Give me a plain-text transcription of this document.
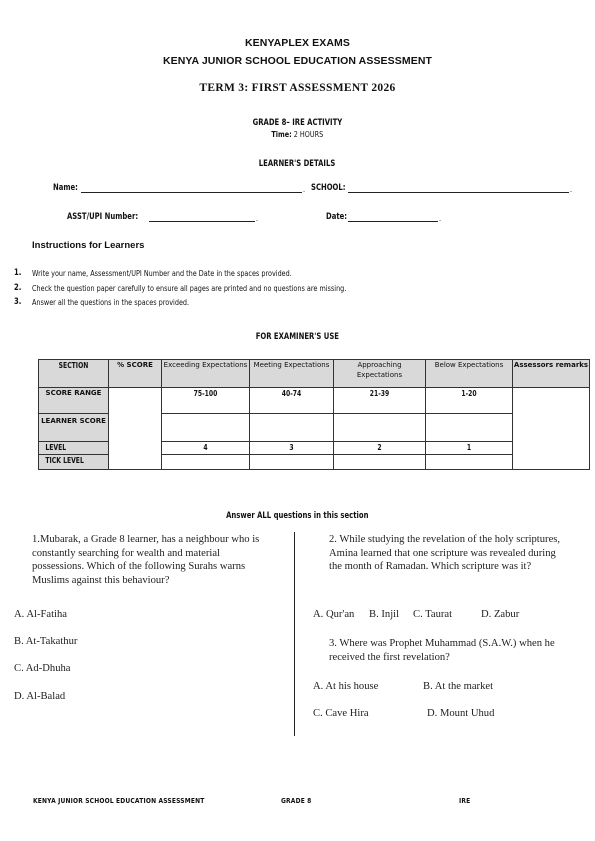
KENYAPLEX EXAMS
KENYA JUNIOR SCHOOL EDUCATION ASSESSMENT
TERM 3: FIRST ASSESSMENT 2026
GRADE 8– IRE ACTIVITY
Time: 2 HOURS
LEARNER'S DETAILS
Name:	. SCHOOL:	.
ASST/UPI Number:	.	Date:	.
Instructions for Learners
1. Write your name, Assessment/UPI Number and the Date in the spaces provided.
2. Check the question paper carefully to ensure all pages are printed and no questions are missing.
3. Answer all the questions in the spaces provided.
FOR EXAMINER'S USE
SECTION	% SCORE	Exceeding Expectations	Meeting Expectations	Approaching Expectations	Below Expectations	Assessors remarks

SCORE RANGE		75-100	40-74	21-39	1-20	

LEARNER SCORE						

LEVEL		4	3	2	1	

TICK LEVEL						

Answer ALL questions in this section
1.Mubarak, a Grade 8 learner, has a neighbour who is constantly searching for wealth and material possessions. Which of the following Surahs warns Muslims against this behaviour?
A. Al-Fatiha
B. At-Takathur
C. Ad-Dhuha
D. Al-Balad
2. While studying the revelation of the holy scriptures, Amina learned that one scripture was revealed during the month of Ramadan. Which scripture was it?
A. Qur'an B. Injil C. Taurat	D. Zabur
3. Where was Prophet Muhammad (S.A.W.) when he received the first revelation?
A. At his house	B. At the market
C. Cave Hira	D. Mount Uhud
KENYA JUNIOR SCHOOL EDUCATION ASSESSMENT	GRADE 8	IRE
